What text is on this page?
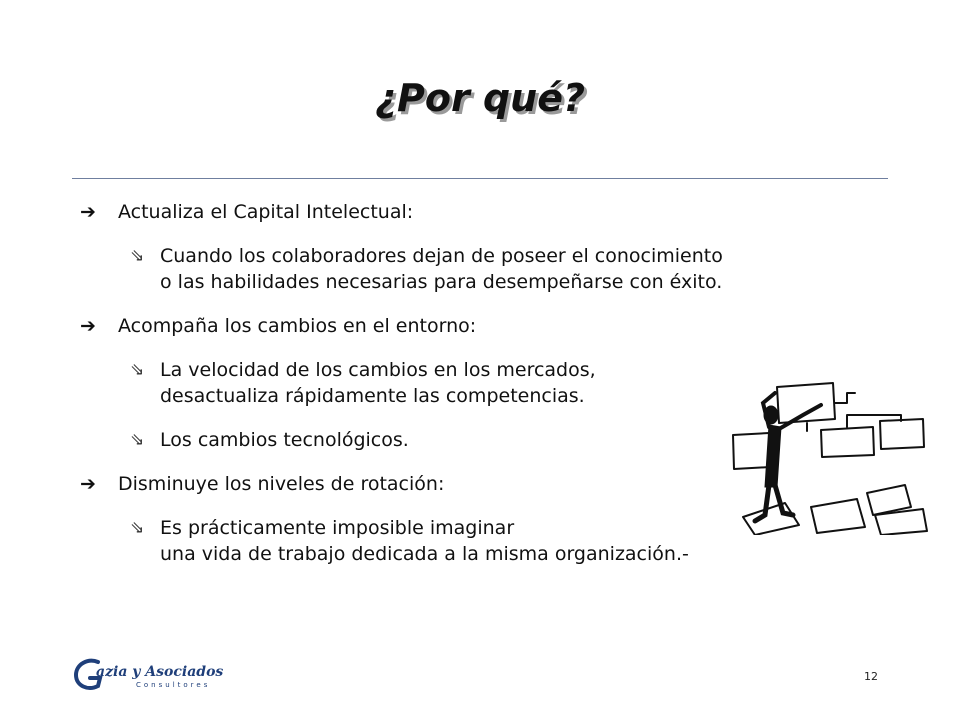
¿Por qué?
➔ Actualiza el Capital Intelectual:
⇘ Cuando los colaboradores dejan de poseer el conocimiento
o las habilidades necesarias para desempeñarse con éxito.
➔ Acompaña los cambios en el entorno:
⇘ La velocidad de los cambios en los mercados,
desactualiza rápidamente las competencias.
⇘ Los cambios tecnológicos.
➔ Disminuye los niveles de rotación:
⇘ Es prácticamente imposible imaginar
una vida de trabajo dedicada a la misma organización.-
azia y Asociados
Consultores
12
